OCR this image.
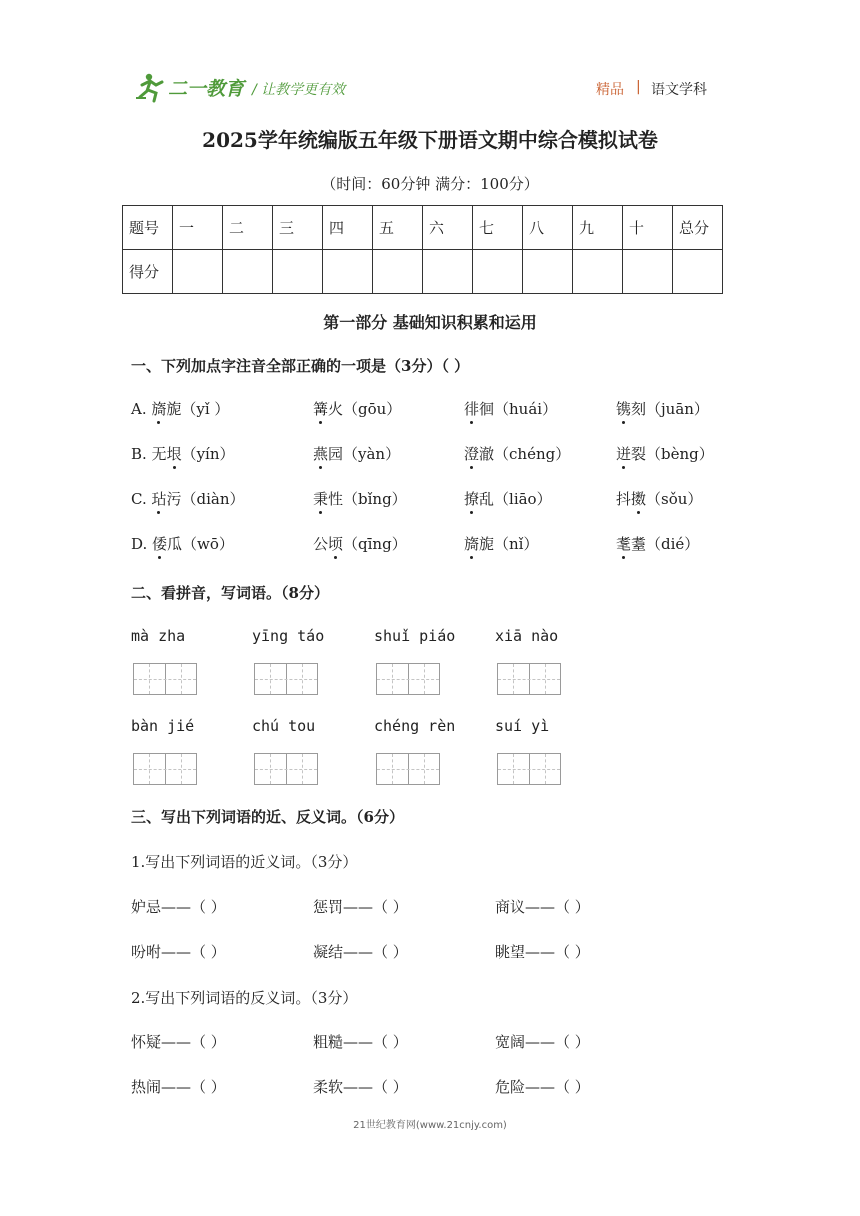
二一教育 / 让教学更有效	精品 | 语文学科
2025学年统编版五年级下册语文期中综合模拟试卷
（时间：60分钟 满分：100分）
题号	一	二	三	四	五	六	七	八	九	十	总分
得分											
第一部分 基础知识积累和运用
一、下列加点字注音全部正确的一项是（3分）（ ）
A. 旖旎（yǐ ）	篝火（gōu）	徘徊（huái）	镌刻（juān）
B. 无垠（yín）	燕园（yàn）	澄澈（chéng）	迸裂（bèng）
C. 玷污（diàn）	秉性（bǐng）	撩乱（liāo）	抖擞（sǒu）
D. 倭瓜（wō）	公顷（qīng）	旖旎（nǐ）	耄耋（dié）
二、看拼音，写词语。（8分）
mà zha	yīng táo	shuǐ piáo	xiā nào
bàn jié	chú tou	chéng rèn	suí yì
三、写出下列词语的近、反义词。（6分）
1.写出下列词语的近义词。（3分）
妒忌——（ ）	惩罚——（ ）	商议——（ ）
吩咐——（ ）	凝结——（ ）	眺望——（ ）
2.写出下列词语的反义词。（3分）
怀疑——（ ）	粗糙——（ ）	宽阔——（ ）
热闹——（ ）	柔软——（ ）	危险——（ ）
21世纪教育网(www.21cnjy.com)
